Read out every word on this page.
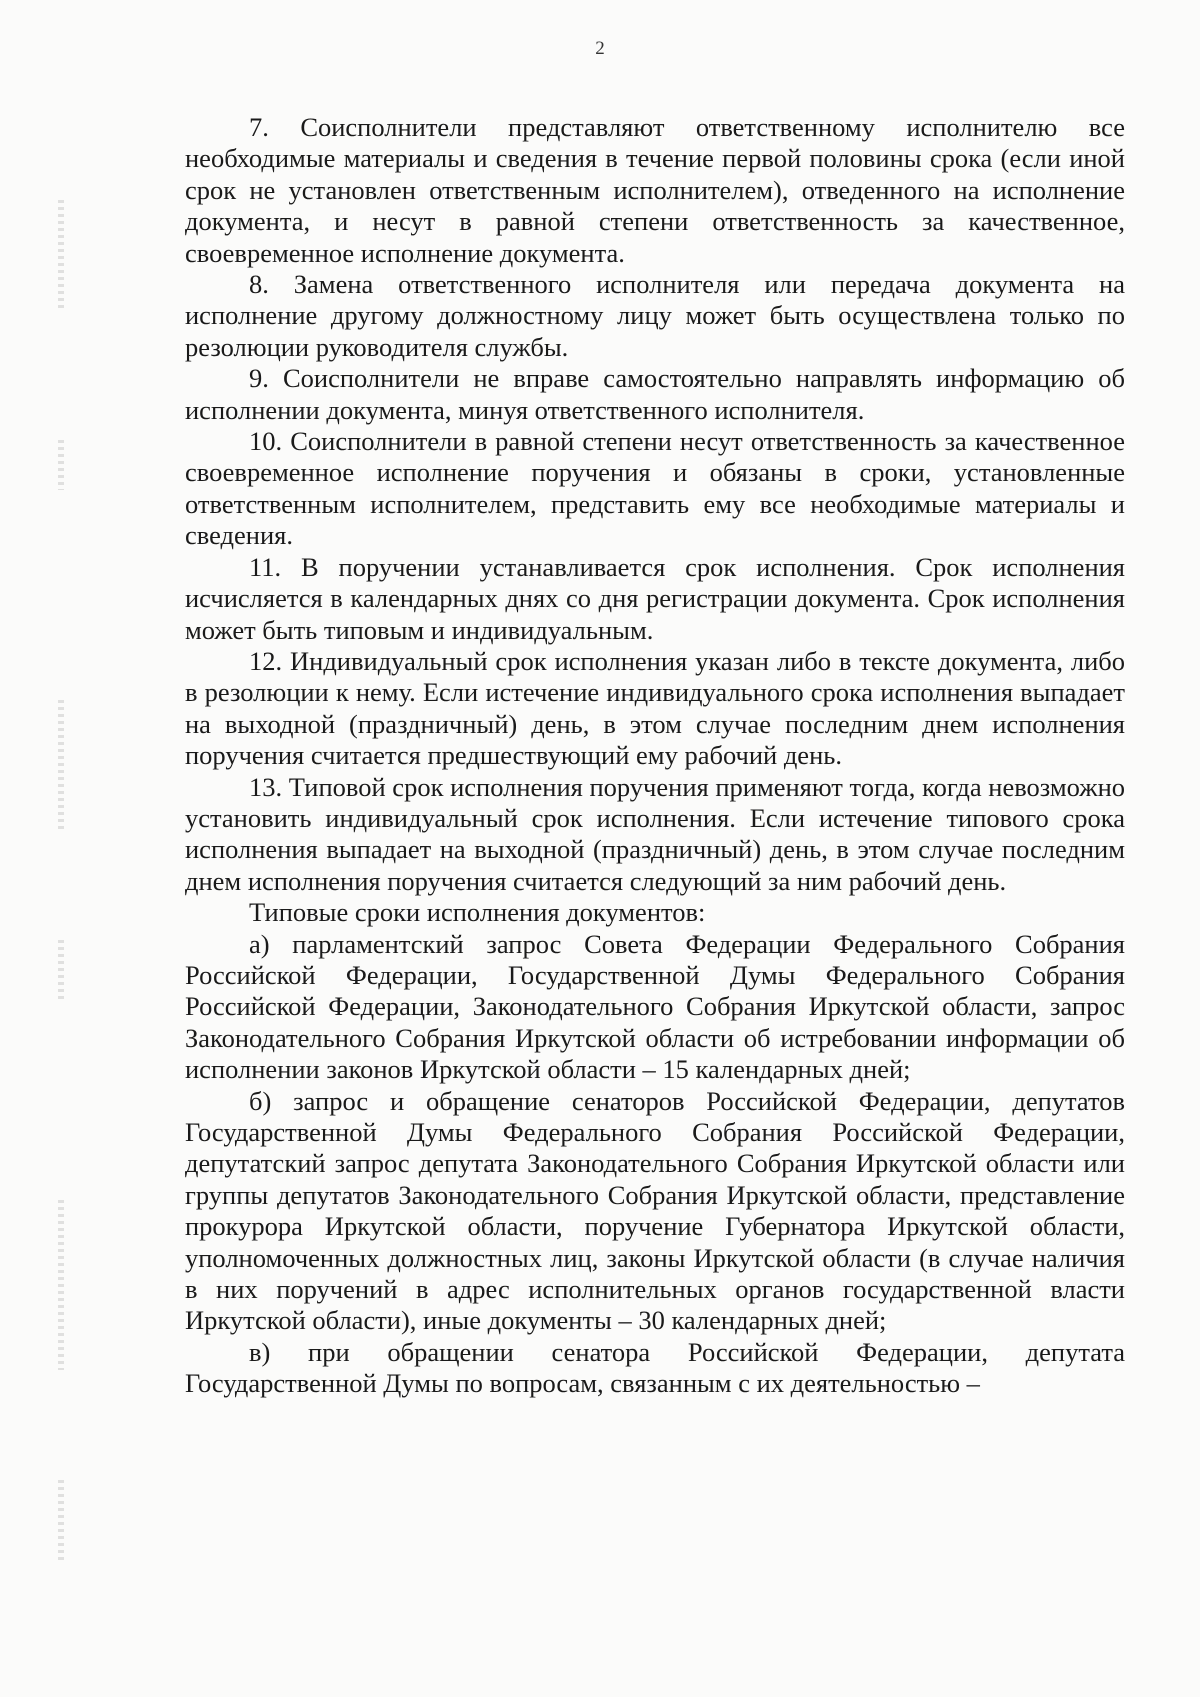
2

7. Соисполнители представляют ответственному исполнителю все необходимые материалы и сведения в течение первой половины срока (если иной срок не установлен ответственным исполнителем), отведенного на исполнение документа, и несут в равной степени ответственность за качественное, своевременное исполнение документа.

8. Замена ответственного исполнителя или передача документа на исполнение другому должностному лицу может быть осуществлена только по резолюции руководителя службы.

9. Соисполнители не вправе самостоятельно направлять информацию об исполнении документа, минуя ответственного исполнителя.

10. Соисполнители в равной степени несут ответственность за качественное своевременное исполнение поручения и обязаны в сроки, установленные ответственным исполнителем, представить ему все необходимые материалы и сведения.

11. В поручении устанавливается срок исполнения. Срок исполнения исчисляется в календарных днях со дня регистрации документа. Срок исполнения может быть типовым и индивидуальным.

12. Индивидуальный срок исполнения указан либо в тексте документа, либо в резолюции к нему. Если истечение индивидуального срока исполнения выпадает на выходной (праздничный) день, в этом случае последним днем исполнения поручения считается предшествующий ему рабочий день.

13. Типовой срок исполнения поручения применяют тогда, когда невозможно установить индивидуальный срок исполнения. Если истечение типового срока исполнения выпадает на выходной (праздничный) день, в этом случае последним днем исполнения поручения считается следующий за ним рабочий день.

Типовые сроки исполнения документов:

а) парламентский запрос Совета Федерации Федерального Собрания Российской Федерации, Государственной Думы Федерального Собрания Российской Федерации, Законодательного Собрания Иркутской области, запрос Законодательного Собрания Иркутской области об истребовании информации об исполнении законов Иркутской области – 15 календарных дней;

б) запрос и обращение сенаторов Российской Федерации, депутатов Государственной Думы Федерального Собрания Российской Федерации, депутатский запрос депутата Законодательного Собрания Иркутской области или группы депутатов Законодательного Собрания Иркутской области, представление прокурора Иркутской области, поручение Губернатора Иркутской области, уполномоченных должностных лиц, законы Иркутской области (в случае наличия в них поручений в адрес исполнительных органов государственной власти Иркутской области), иные документы – 30 календарных дней;

в) при обращении сенатора Российской Федерации, депутата Государственной Думы по вопросам, связанным с их деятельностью –
